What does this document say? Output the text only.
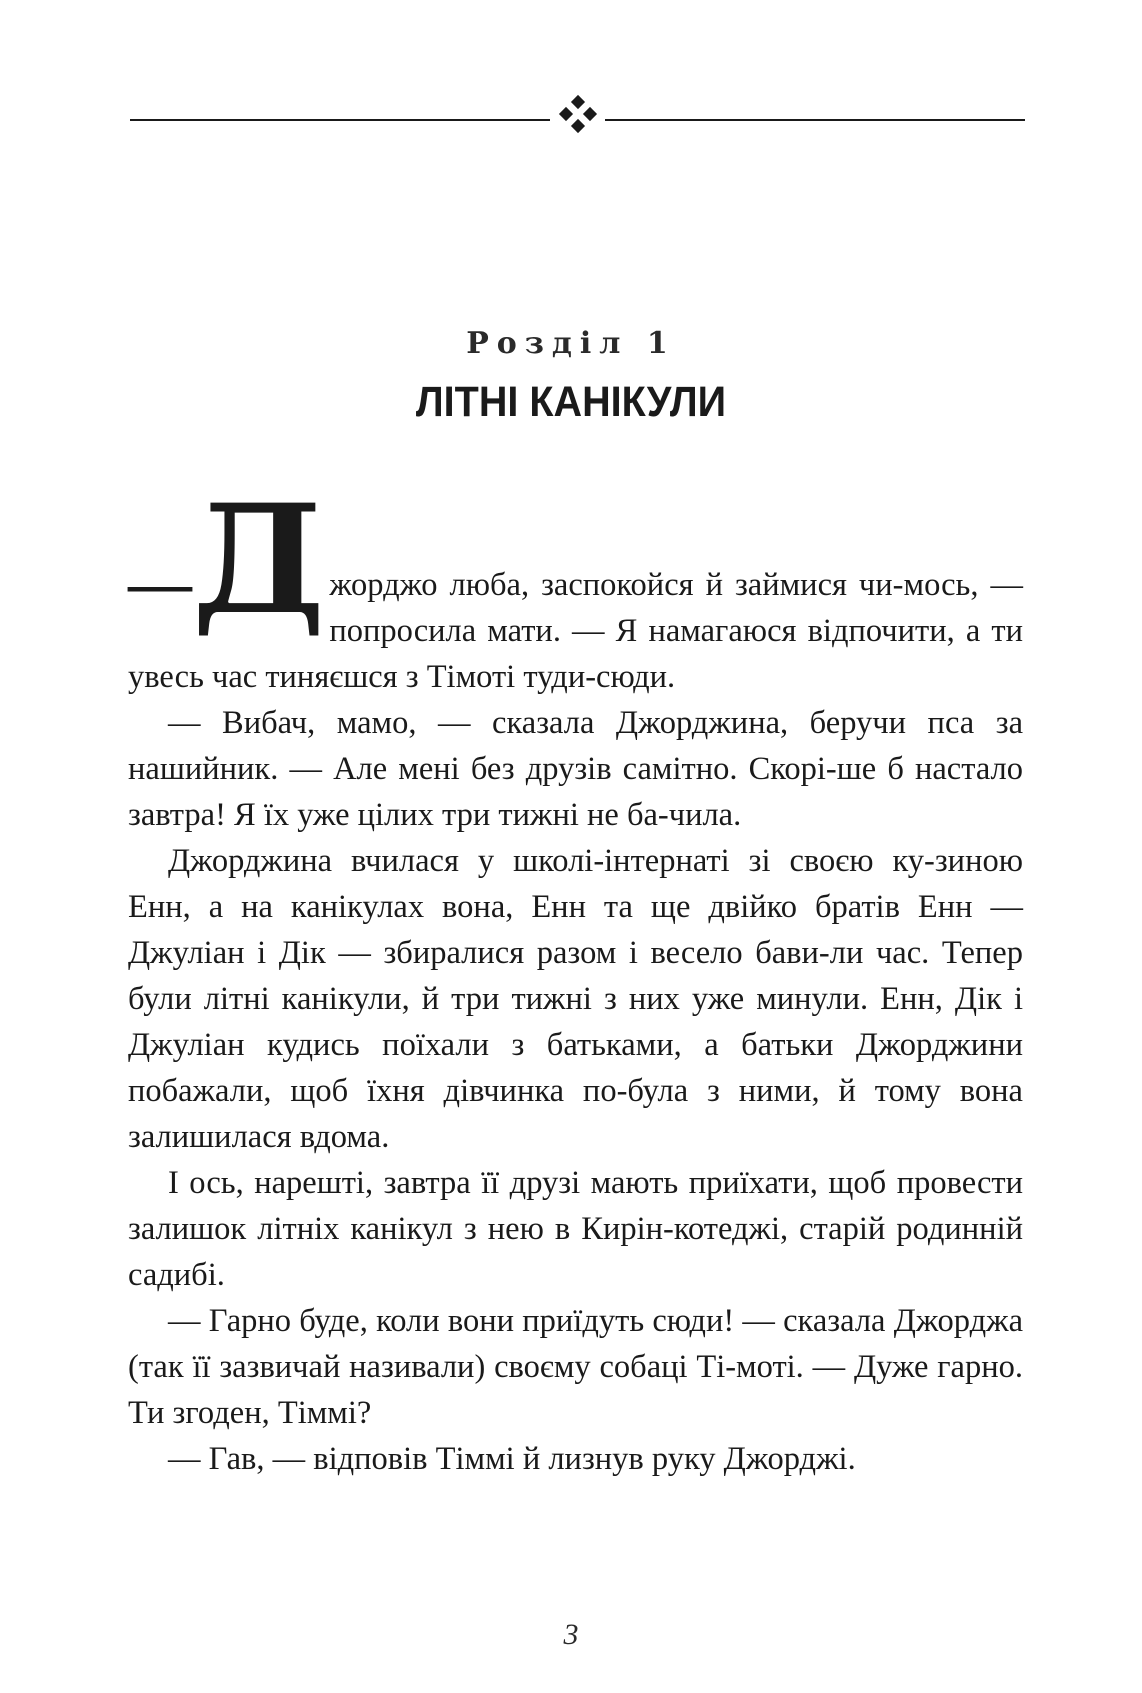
Розділ 1
ЛІТНІ КАНІКУЛИ

— Д жорджо люба, заспокойся й займися чи-мось, — попросила мати. — Я намагаюся відпочити, а ти увесь час тиняєшся з Тімоті туди-сюди.

— Вибач, мамо, — сказала Джорджина, беручи пса за нашийник. — Але мені без друзів самітно. Скорі-ше б настало завтра! Я їх уже цілих три тижні не ба-чила.

Джорджина вчилася у школі-інтернаті зі своєю ку-зиною Енн, а на канікулах вона, Енн та ще двійко братів Енн — Джуліан і Дік — збиралися разом і весело бави-ли час. Тепер були літні канікули, й три тижні з них уже минули. Енн, Дік і Джуліан кудись поїхали з батьками, а батьки Джорджини побажали, щоб їхня дівчинка по-була з ними, й тому вона залишилася вдома.

І ось, нарешті, завтра її друзі мають приїхати, щоб провести залишок літніх канікул з нею в Кирін-котеджі, старій родинній садибі.

— Гарно буде, коли вони приїдуть сюди! — сказала Джорджа (так її зазвичай називали) своєму собаці Ті-моті. — Дуже гарно. Ти згоден, Тіммі?

— Гав, — відповів Тіммі й лизнув руку Джорджі.

3
